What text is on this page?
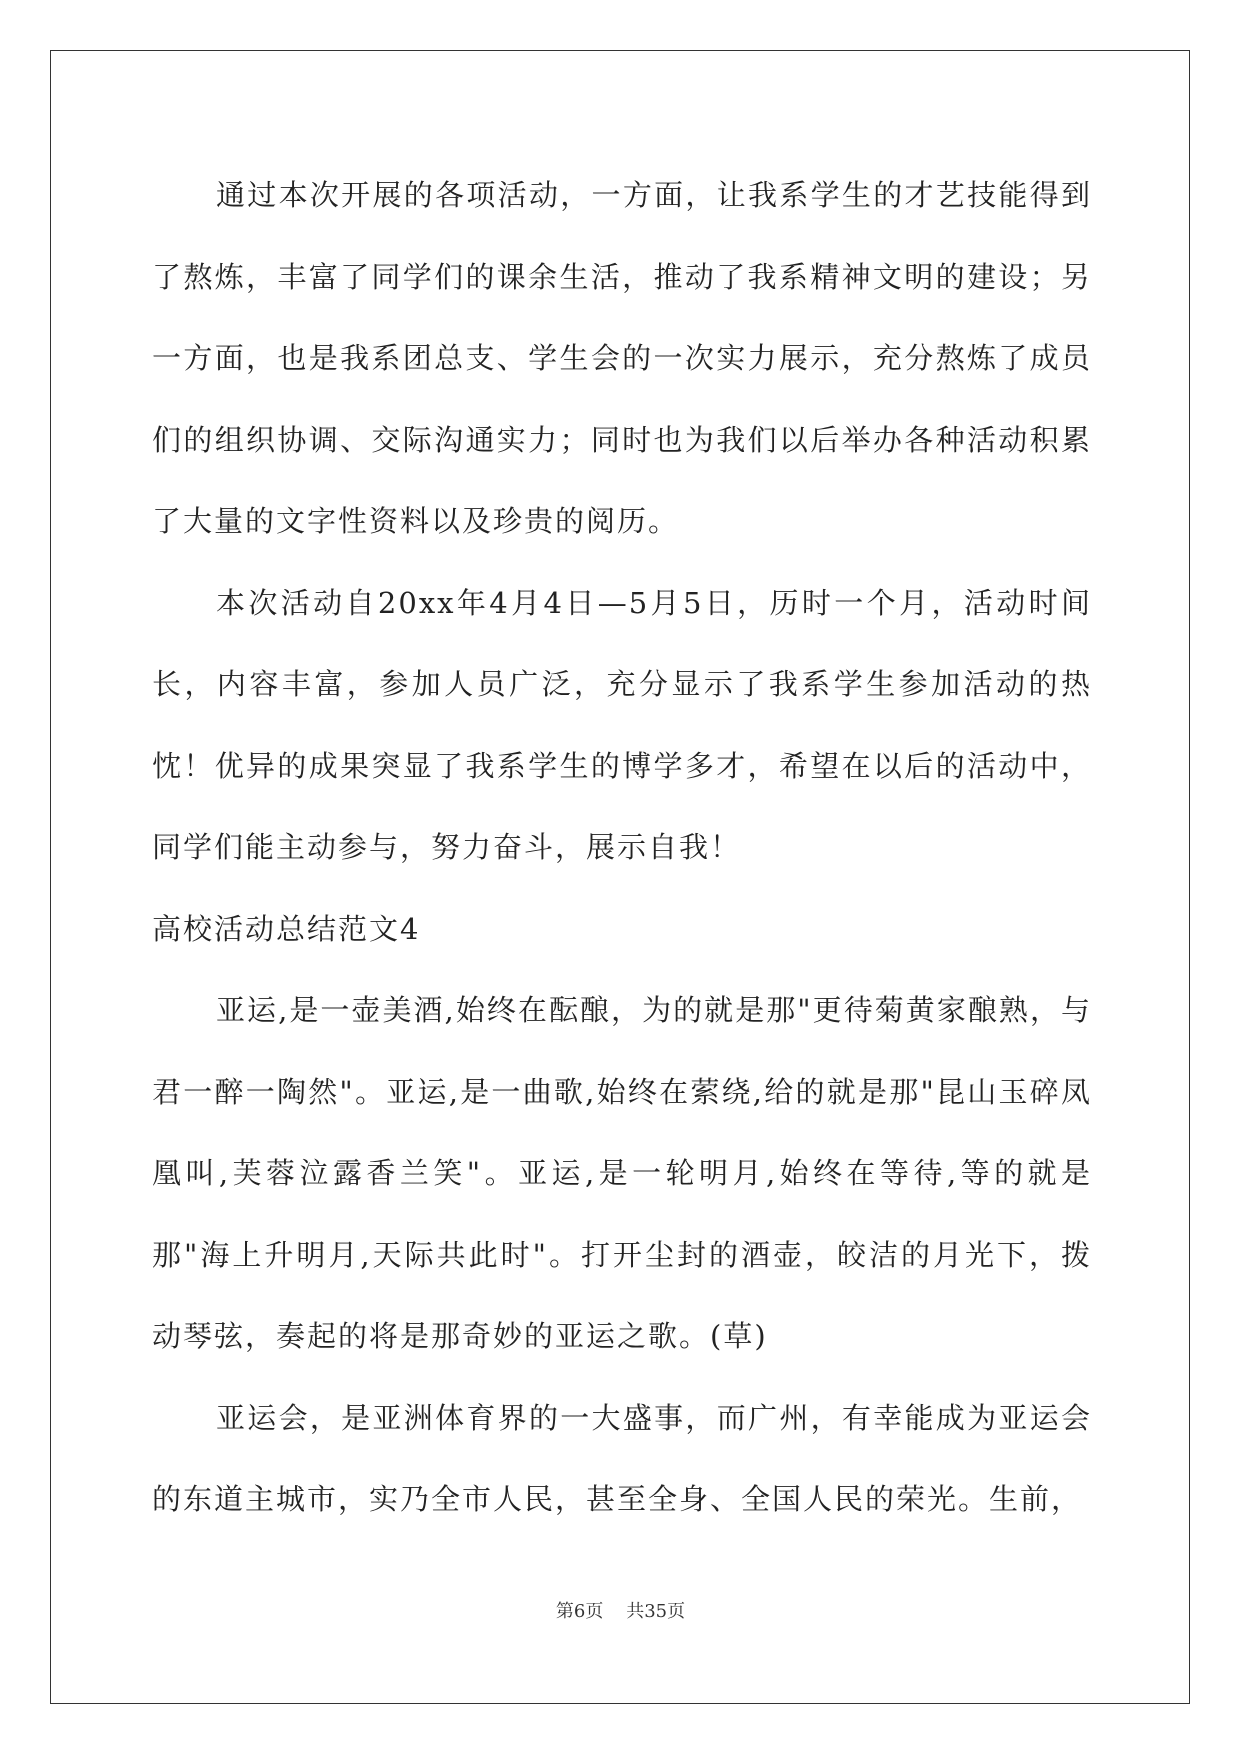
通过本次开展的各项活动，一方面，让我系学生的才艺技能得到了熬炼，丰富了同学们的课余生活，推动了我系精神文明的建设；另一方面，也是我系团总支、学生会的一次实力展示，充分熬炼了成员们的组织协调、交际沟通实力；同时也为我们以后举办各种活动积累了大量的文字性资料以及珍贵的阅历。

本次活动自20xx年4月4日—5月5日，历时一个月，活动时间长，内容丰富，参加人员广泛，充分显示了我系学生参加活动的热忱！优异的成果突显了我系学生的博学多才，希望在以后的活动中，同学们能主动参与，努力奋斗，展示自我！

高校活动总结范文4

亚运,是一壶美酒,始终在酝酿，为的就是那"更待菊黄家酿熟，与君一醉一陶然"。亚运,是一曲歌,始终在萦绕,给的就是那"昆山玉碎凤凰叫,芙蓉泣露香兰笑"。亚运,是一轮明月,始终在等待,等的就是那"海上升明月,天际共此时"。打开尘封的酒壶，皎洁的月光下，拨动琴弦，奏起的将是那奇妙的亚运之歌。(草)

亚运会，是亚洲体育界的一大盛事，而广州，有幸能成为亚运会的东道主城市，实乃全市人民，甚至全身、全国人民的荣光。生前，

第6页 共35页
